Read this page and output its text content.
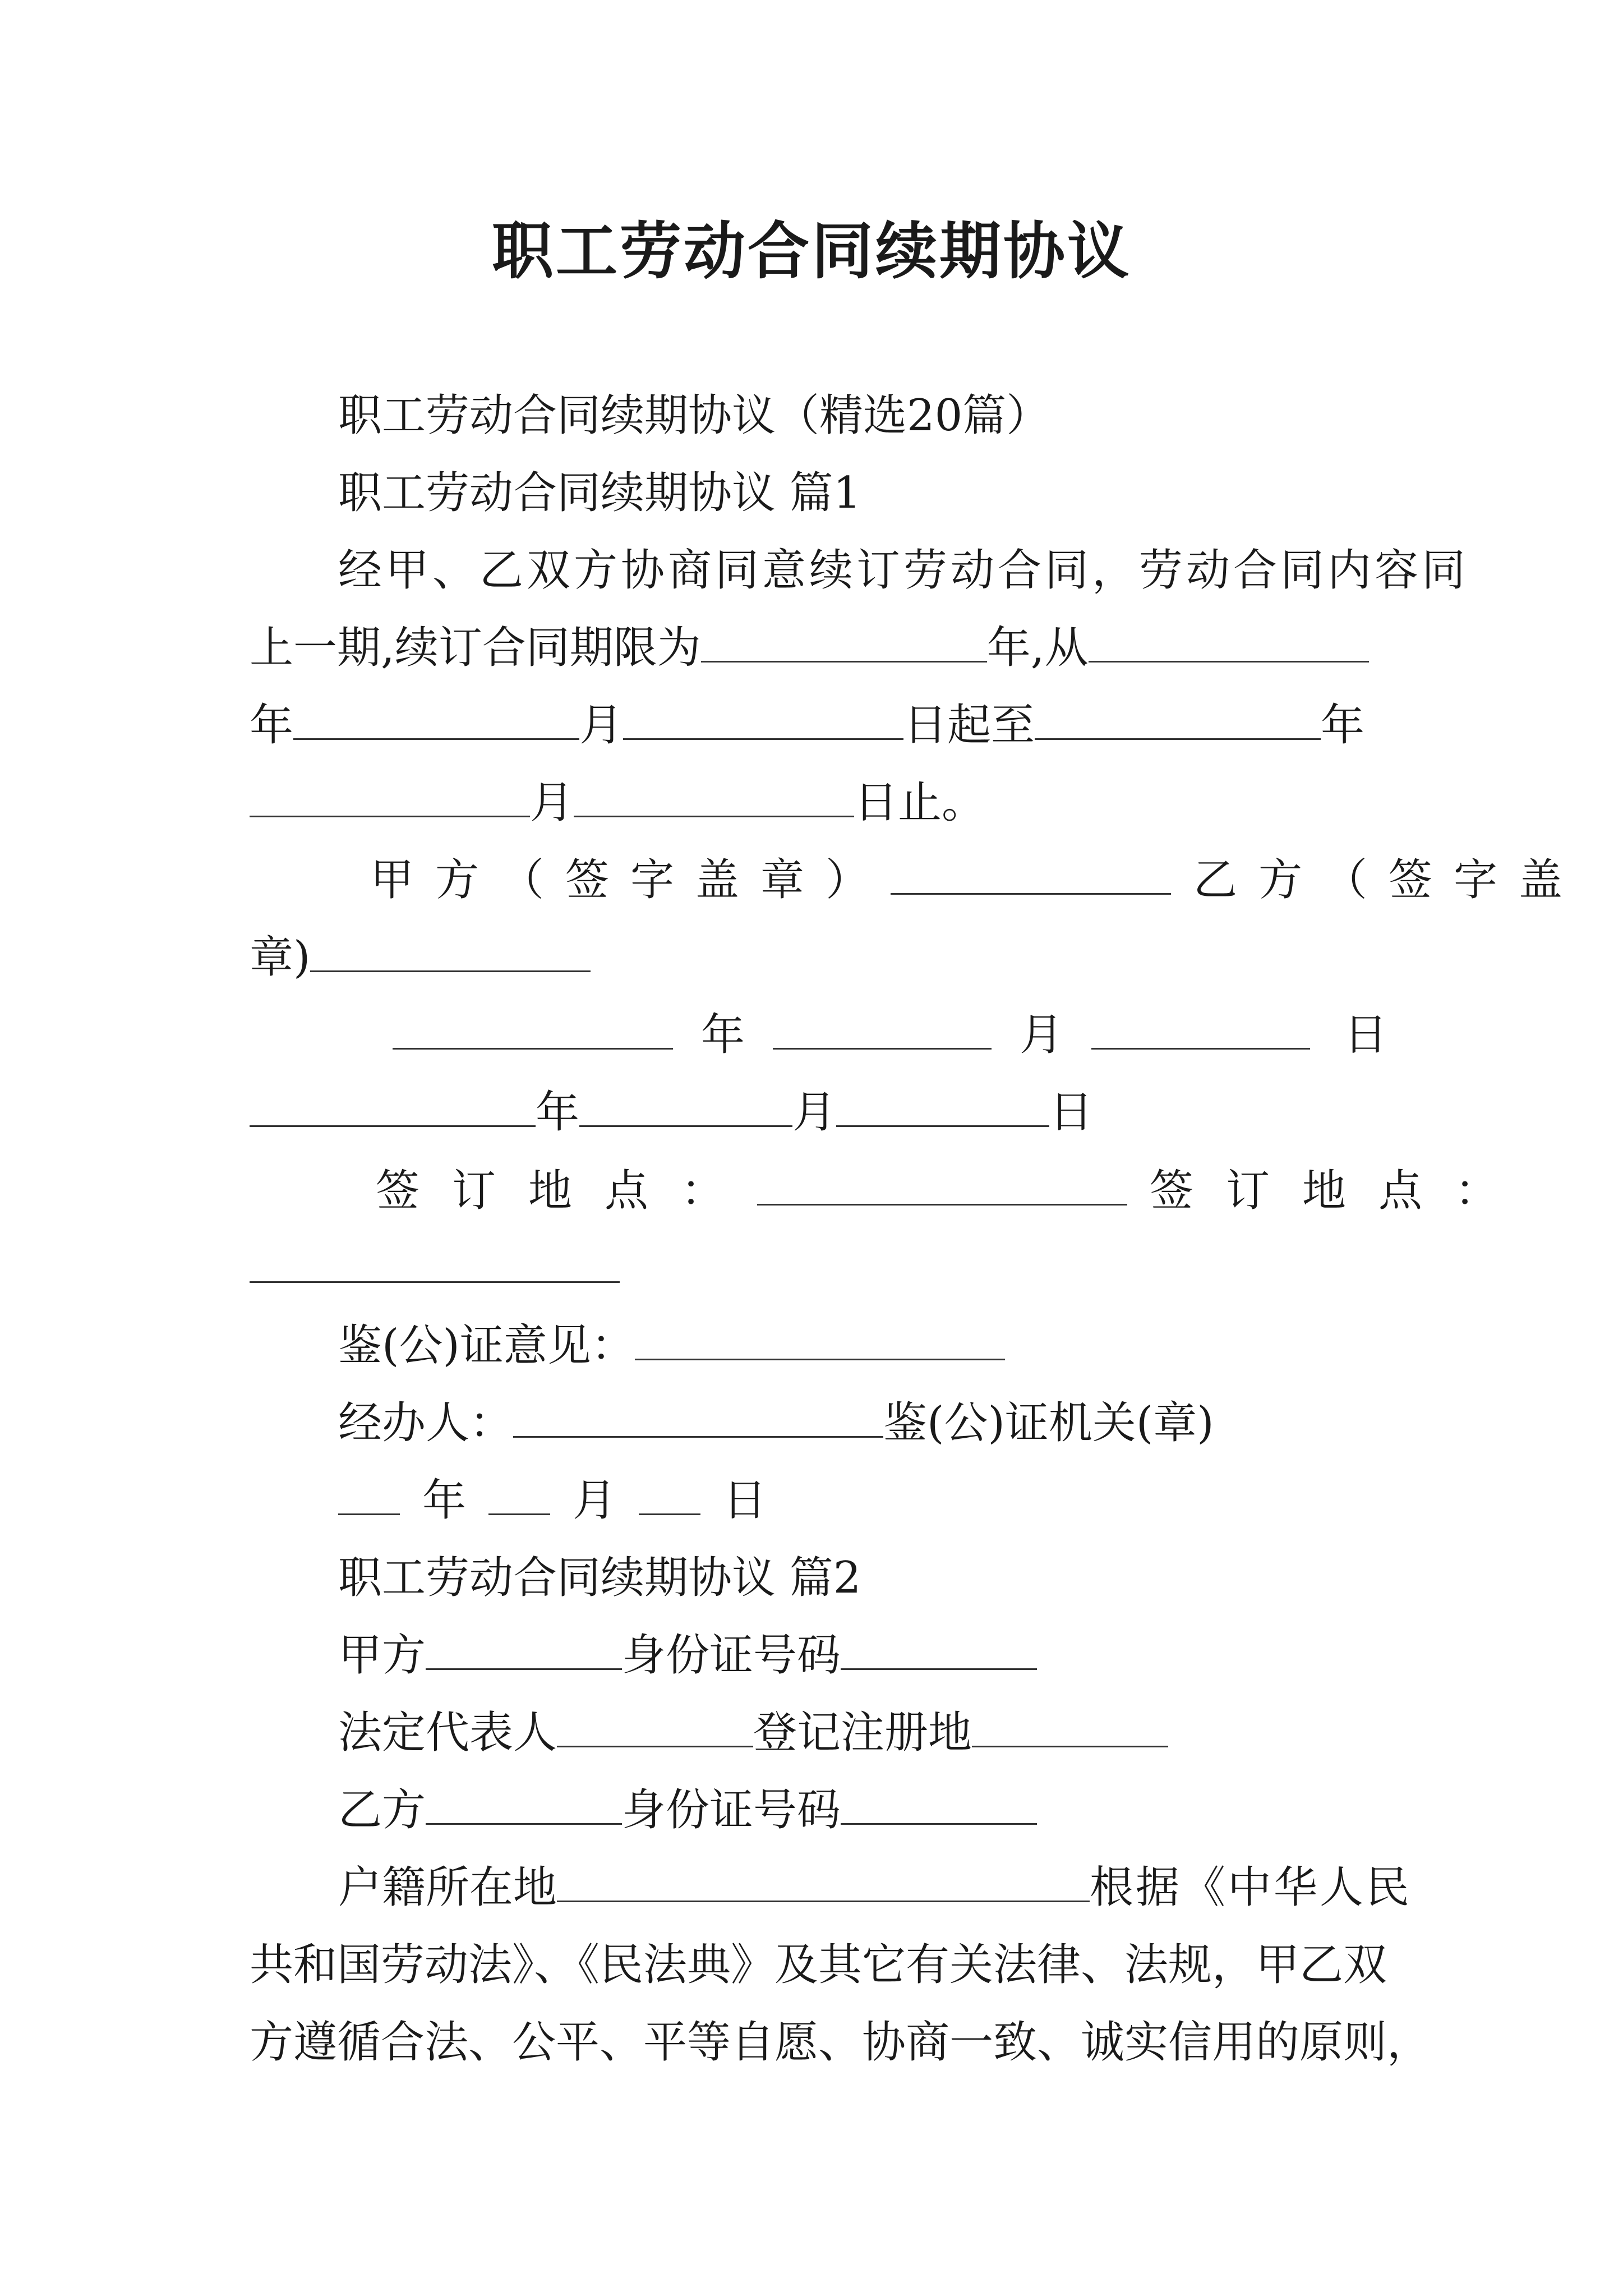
职工劳动合同续期协议
职工劳动合同续期协议（精选20篇）
职工劳动合同续期协议 篇1
经甲、乙双方协商同意续订劳动合同，劳动合同内容同
上一期,续订合同期限为	年,从
年	月	日起至	年
月	日止。
甲方（签字盖章）	乙方（签字盖
章)
年	月	日
年	月	日
签订地点：	签订地点：
鉴(公)证意见：
经办人：	鉴(公)证机关(章)
年 月 日
职工劳动合同续期协议 篇2
甲方	身份证号码
法定代表人	登记注册地
乙方	身份证号码
户籍所在地	根据《中华人民
共和国劳动法》、《民法典》及其它有关法律、法规，甲乙双
方遵循合法、公平、平等自愿、协商一致、诚实信用的原则，
